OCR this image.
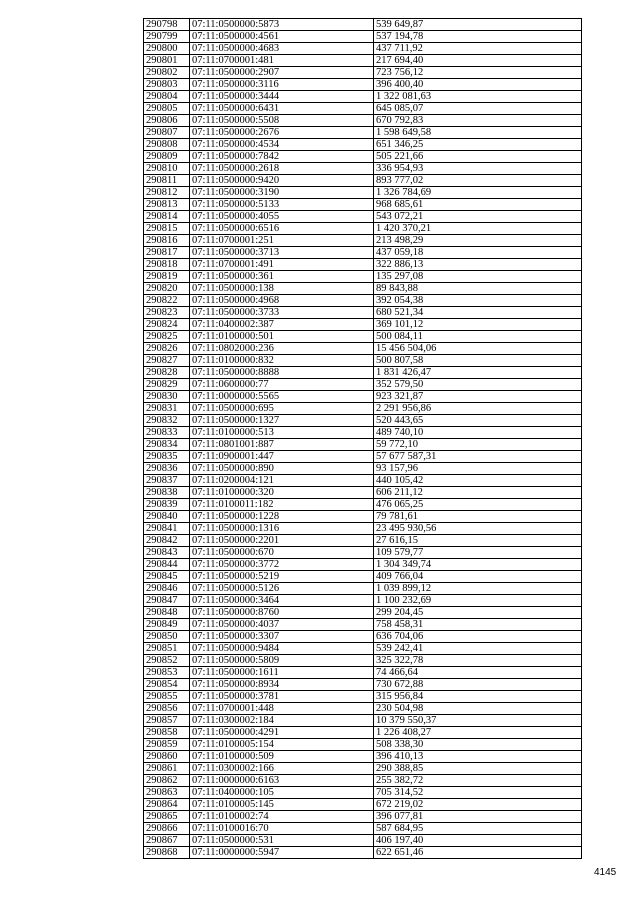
290798	07:11:0500000:5873	539 649,87
290799	07:11:0500000:4561	537 194,78
290800	07:11:0500000:4683	437 711,92
290801	07:11:0700001:481	217 694,40
290802	07:11:0500000:2907	723 756,12
290803	07:11:0500000:3116	396 400,40
290804	07:11:0500000:3444	1 322 081,63
290805	07:11:0500000:6431	645 085,07
290806	07:11:0500000:5508	670 792,83
290807	07:11:0500000:2676	1 598 649,58
290808	07:11:0500000:4534	651 346,25
290809	07:11:0500000:7842	505 221,66
290810	07:11:0500000:2618	336 954,93
290811	07:11:0500000:9420	893 777,02
290812	07:11:0500000:3190	1 326 784,69
290813	07:11:0500000:5133	968 685,61
290814	07:11:0500000:4055	543 072,21
290815	07:11:0500000:6516	1 420 370,21
290816	07:11:0700001:251	213 498,29
290817	07:11:0500000:3713	437 059,18
290818	07:11:0700001:491	322 886,13
290819	07:11:0500000:361	135 297,08
290820	07:11:0500000:138	89 843,88
290822	07:11:0500000:4968	392 054,38
290823	07:11:0500000:3733	680 521,34
290824	07:11:0400002:387	369 101,12
290825	07:11:0100000:501	500 084,11
290826	07:11:0802000:236	15 456 504,06
290827	07:11:0100000:832	500 807,58
290828	07:11:0500000:8888	1 831 426,47
290829	07:11:0600000:77	352 579,50
290830	07:11:0000000:5565	923 321,87
290831	07:11:0500000:695	2 291 956,86
290832	07:11:0500000:1327	520 443,65
290833	07:11:0100000:513	489 740,10
290834	07:11:0801001:887	59 772,10
290835	07:11:0900001:447	57 677 587,31
290836	07:11:0500000:890	93 157,96
290837	07:11:0200004:121	440 105,42
290838	07:11:0100000:320	606 211,12
290839	07:11:0100011:182	476 065,25
290840	07:11:0500000:1228	79 781,61
290841	07:11:0500000:1316	23 495 930,56
290842	07:11:0500000:2201	27 616,15
290843	07:11:0500000:670	109 579,77
290844	07:11:0500000:3772	1 304 349,74
290845	07:11:0500000:5219	409 766,04
290846	07:11:0500000:5126	1 039 899,12
290847	07:11:0500000:3464	1 100 232,69
290848	07:11:0500000:8760	299 204,45
290849	07:11:0500000:4037	758 458,31
290850	07:11:0500000:3307	636 704,06
290851	07:11:0500000:9484	539 242,41
290852	07:11:0500000:5809	325 322,78
290853	07:11:0500000:1611	74 466,64
290854	07:11:0500000:8934	730 672,88
290855	07:11:0500000:3781	315 956,84
290856	07:11:0700001:448	230 504,98
290857	07:11:0300002:184	10 379 550,37
290858	07:11:0500000:4291	1 226 408,27
290859	07:11:0100005:154	508 338,30
290860	07:11:0100000:509	396 410,13
290861	07:11:0300002:166	290 388,85
290862	07:11:0000000:6163	255 382,72
290863	07:11:0400000:105	705 314,52
290864	07:11:0100005:145	672 219,02
290865	07:11:0100002:74	396 077,81
290866	07:11:0100016:70	587 684,95
290867	07:11:0500000:531	406 197,40
290868	07:11:0000000:5947	622 651,46
4145
